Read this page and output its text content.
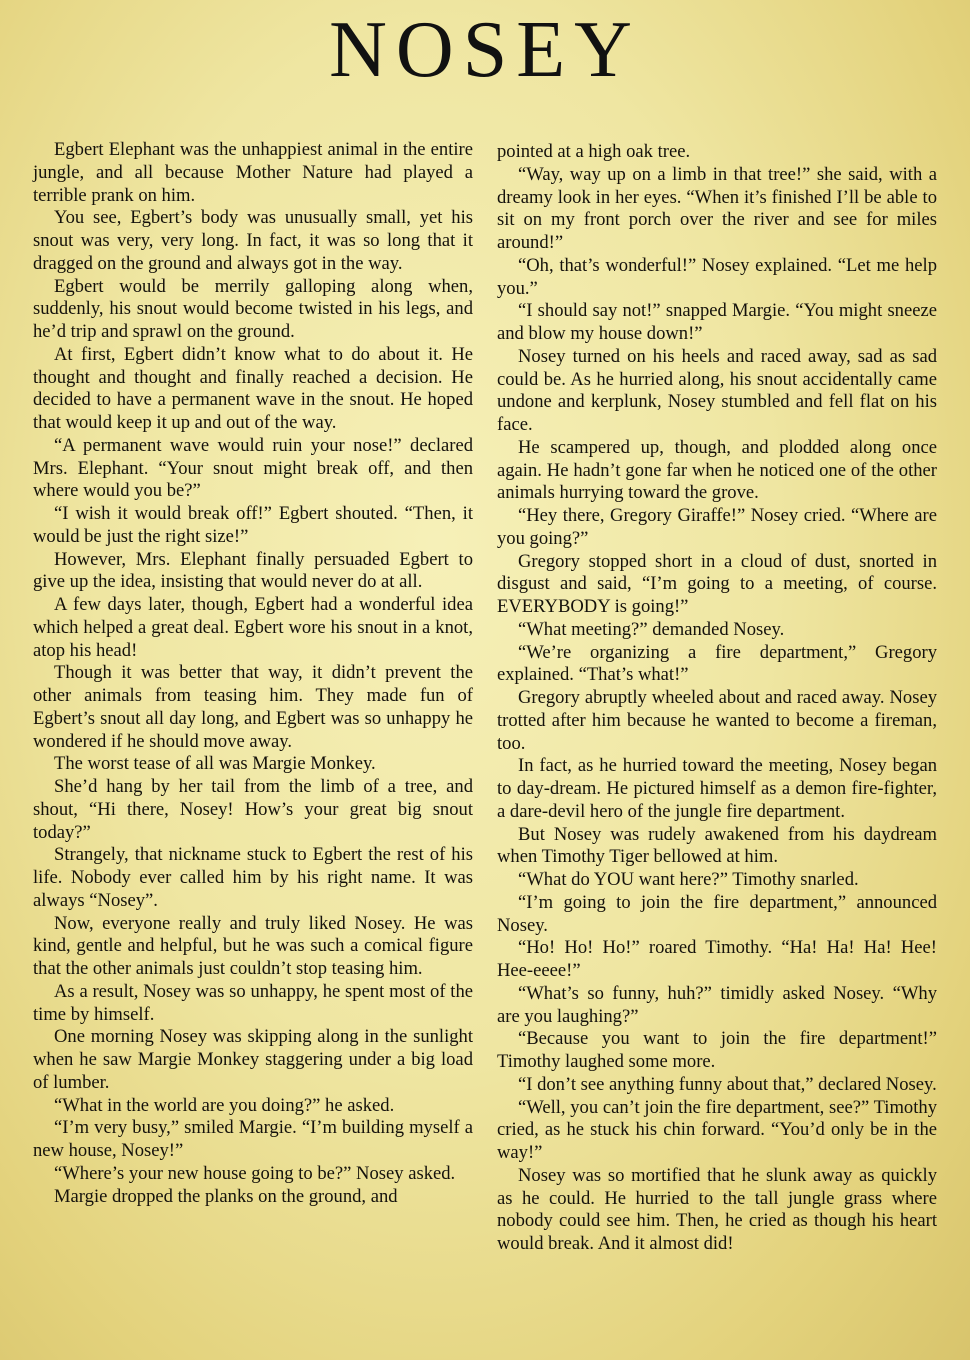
NOSEY

Egbert Elephant was the unhappiest animal in the entire jungle, and all because Mother Nature had played a terrible prank on him.

You see, Egbert’s body was unusually small, yet his snout was very, very long. In fact, it was so long that it dragged on the ground and always got in the way.

Egbert would be merrily galloping along when, suddenly, his snout would become twisted in his legs, and he’d trip and sprawl on the ground.

At first, Egbert didn’t know what to do about it. He thought and thought and finally reached a decision. He decided to have a permanent wave in the snout. He hoped that would keep it up and out of the way.

“A permanent wave would ruin your nose!” declared Mrs. Elephant. “Your snout might break off, and then where would you be?”

“I wish it would break off!” Egbert shouted. “Then, it would be just the right size!”

However, Mrs. Elephant finally persuaded Egbert to give up the idea, insisting that would never do at all.

A few days later, though, Egbert had a wonderful idea which helped a great deal. Egbert wore his snout in a knot, atop his head!

Though it was better that way, it didn’t prevent the other animals from teasing him. They made fun of Egbert’s snout all day long, and Egbert was so unhappy he wondered if he should move away.

The worst tease of all was Margie Monkey.

She’d hang by her tail from the limb of a tree, and shout, “Hi there, Nosey! How’s your great big snout today?”

Strangely, that nickname stuck to Egbert the rest of his life. Nobody ever called him by his right name. It was always “Nosey”.

Now, everyone really and truly liked Nosey. He was kind, gentle and helpful, but he was such a comical figure that the other animals just couldn’t stop teasing him.

As a result, Nosey was so unhappy, he spent most of the time by himself.

One morning Nosey was skipping along in the sunlight when he saw Margie Monkey staggering under a big load of lumber.

“What in the world are you doing?” he asked.

“I’m very busy,” smiled Margie. “I’m building myself a new house, Nosey!”

“Where’s your new house going to be?” Nosey asked.

Margie dropped the planks on the ground, and

pointed at a high oak tree.

“Way, way up on a limb in that tree!” she said, with a dreamy look in her eyes. “When it’s finished I’ll be able to sit on my front porch over the river and see for miles around!”

“Oh, that’s wonderful!” Nosey explained. “Let me help you.”

“I should say not!” snapped Margie. “You might sneeze and blow my house down!”

Nosey turned on his heels and raced away, sad as sad could be. As he hurried along, his snout accidentally came undone and kerplunk, Nosey stumbled and fell flat on his face.

He scampered up, though, and plodded along once again. He hadn’t gone far when he noticed one of the other animals hurrying toward the grove.

“Hey there, Gregory Giraffe!” Nosey cried. “Where are you going?”

Gregory stopped short in a cloud of dust, snorted in disgust and said, “I’m going to a meeting, of course. EVERYBODY is going!”

“What meeting?” demanded Nosey.

“We’re organizing a fire department,” Gregory explained. “That’s what!”

Gregory abruptly wheeled about and raced away. Nosey trotted after him because he wanted to become a fireman, too.

In fact, as he hurried toward the meeting, Nosey began to day-dream. He pictured himself as a demon fire-fighter, a dare-devil hero of the jungle fire department.

But Nosey was rudely awakened from his daydream when Timothy Tiger bellowed at him.

“What do YOU want here?” Timothy snarled.

“I’m going to join the fire department,” announced Nosey.

“Ho! Ho! Ho!” roared Timothy. “Ha! Ha! Ha! Hee! Hee-eeee!”

“What’s so funny, huh?” timidly asked Nosey. “Why are you laughing?”

“Because you want to join the fire department!” Timothy laughed some more.

“I don’t see anything funny about that,” declared Nosey.

“Well, you can’t join the fire department, see?” Timothy cried, as he stuck his chin forward. “You’d only be in the way!”

Nosey was so mortified that he slunk away as quickly as he could. He hurried to the tall jungle grass where nobody could see him. Then, he cried as though his heart would break. And it almost did!
